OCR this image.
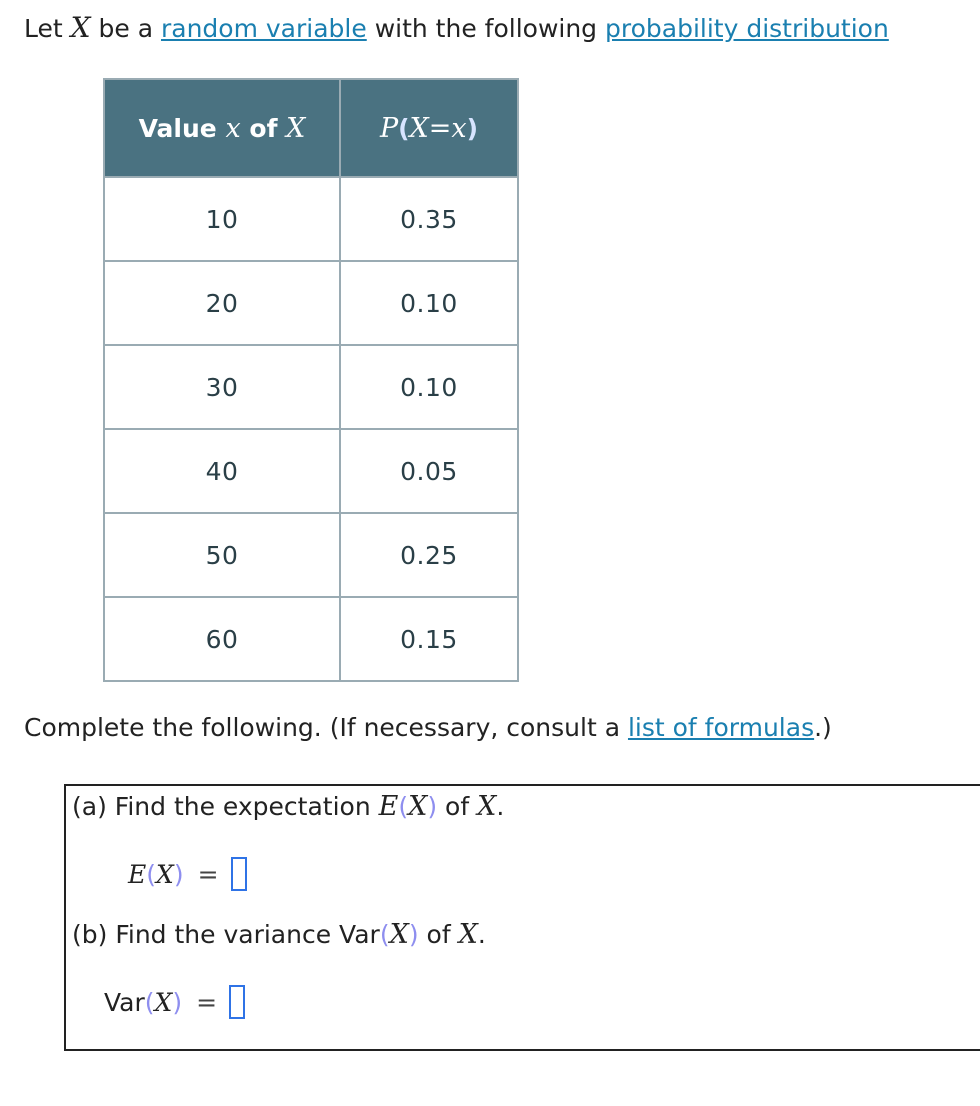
Let X be a random variable with the following probability distribution
Value x of X	P(X=x)
10	0.35
20	0.10
30	0.10
40	0.05
50	0.25
60	0.15
Complete the following. (If necessary, consult a list of formulas.)
(a) Find the expectation E(X) of X.
E ( X ) =
(b) Find the variance Var(X) of X.
Var ( X ) =
